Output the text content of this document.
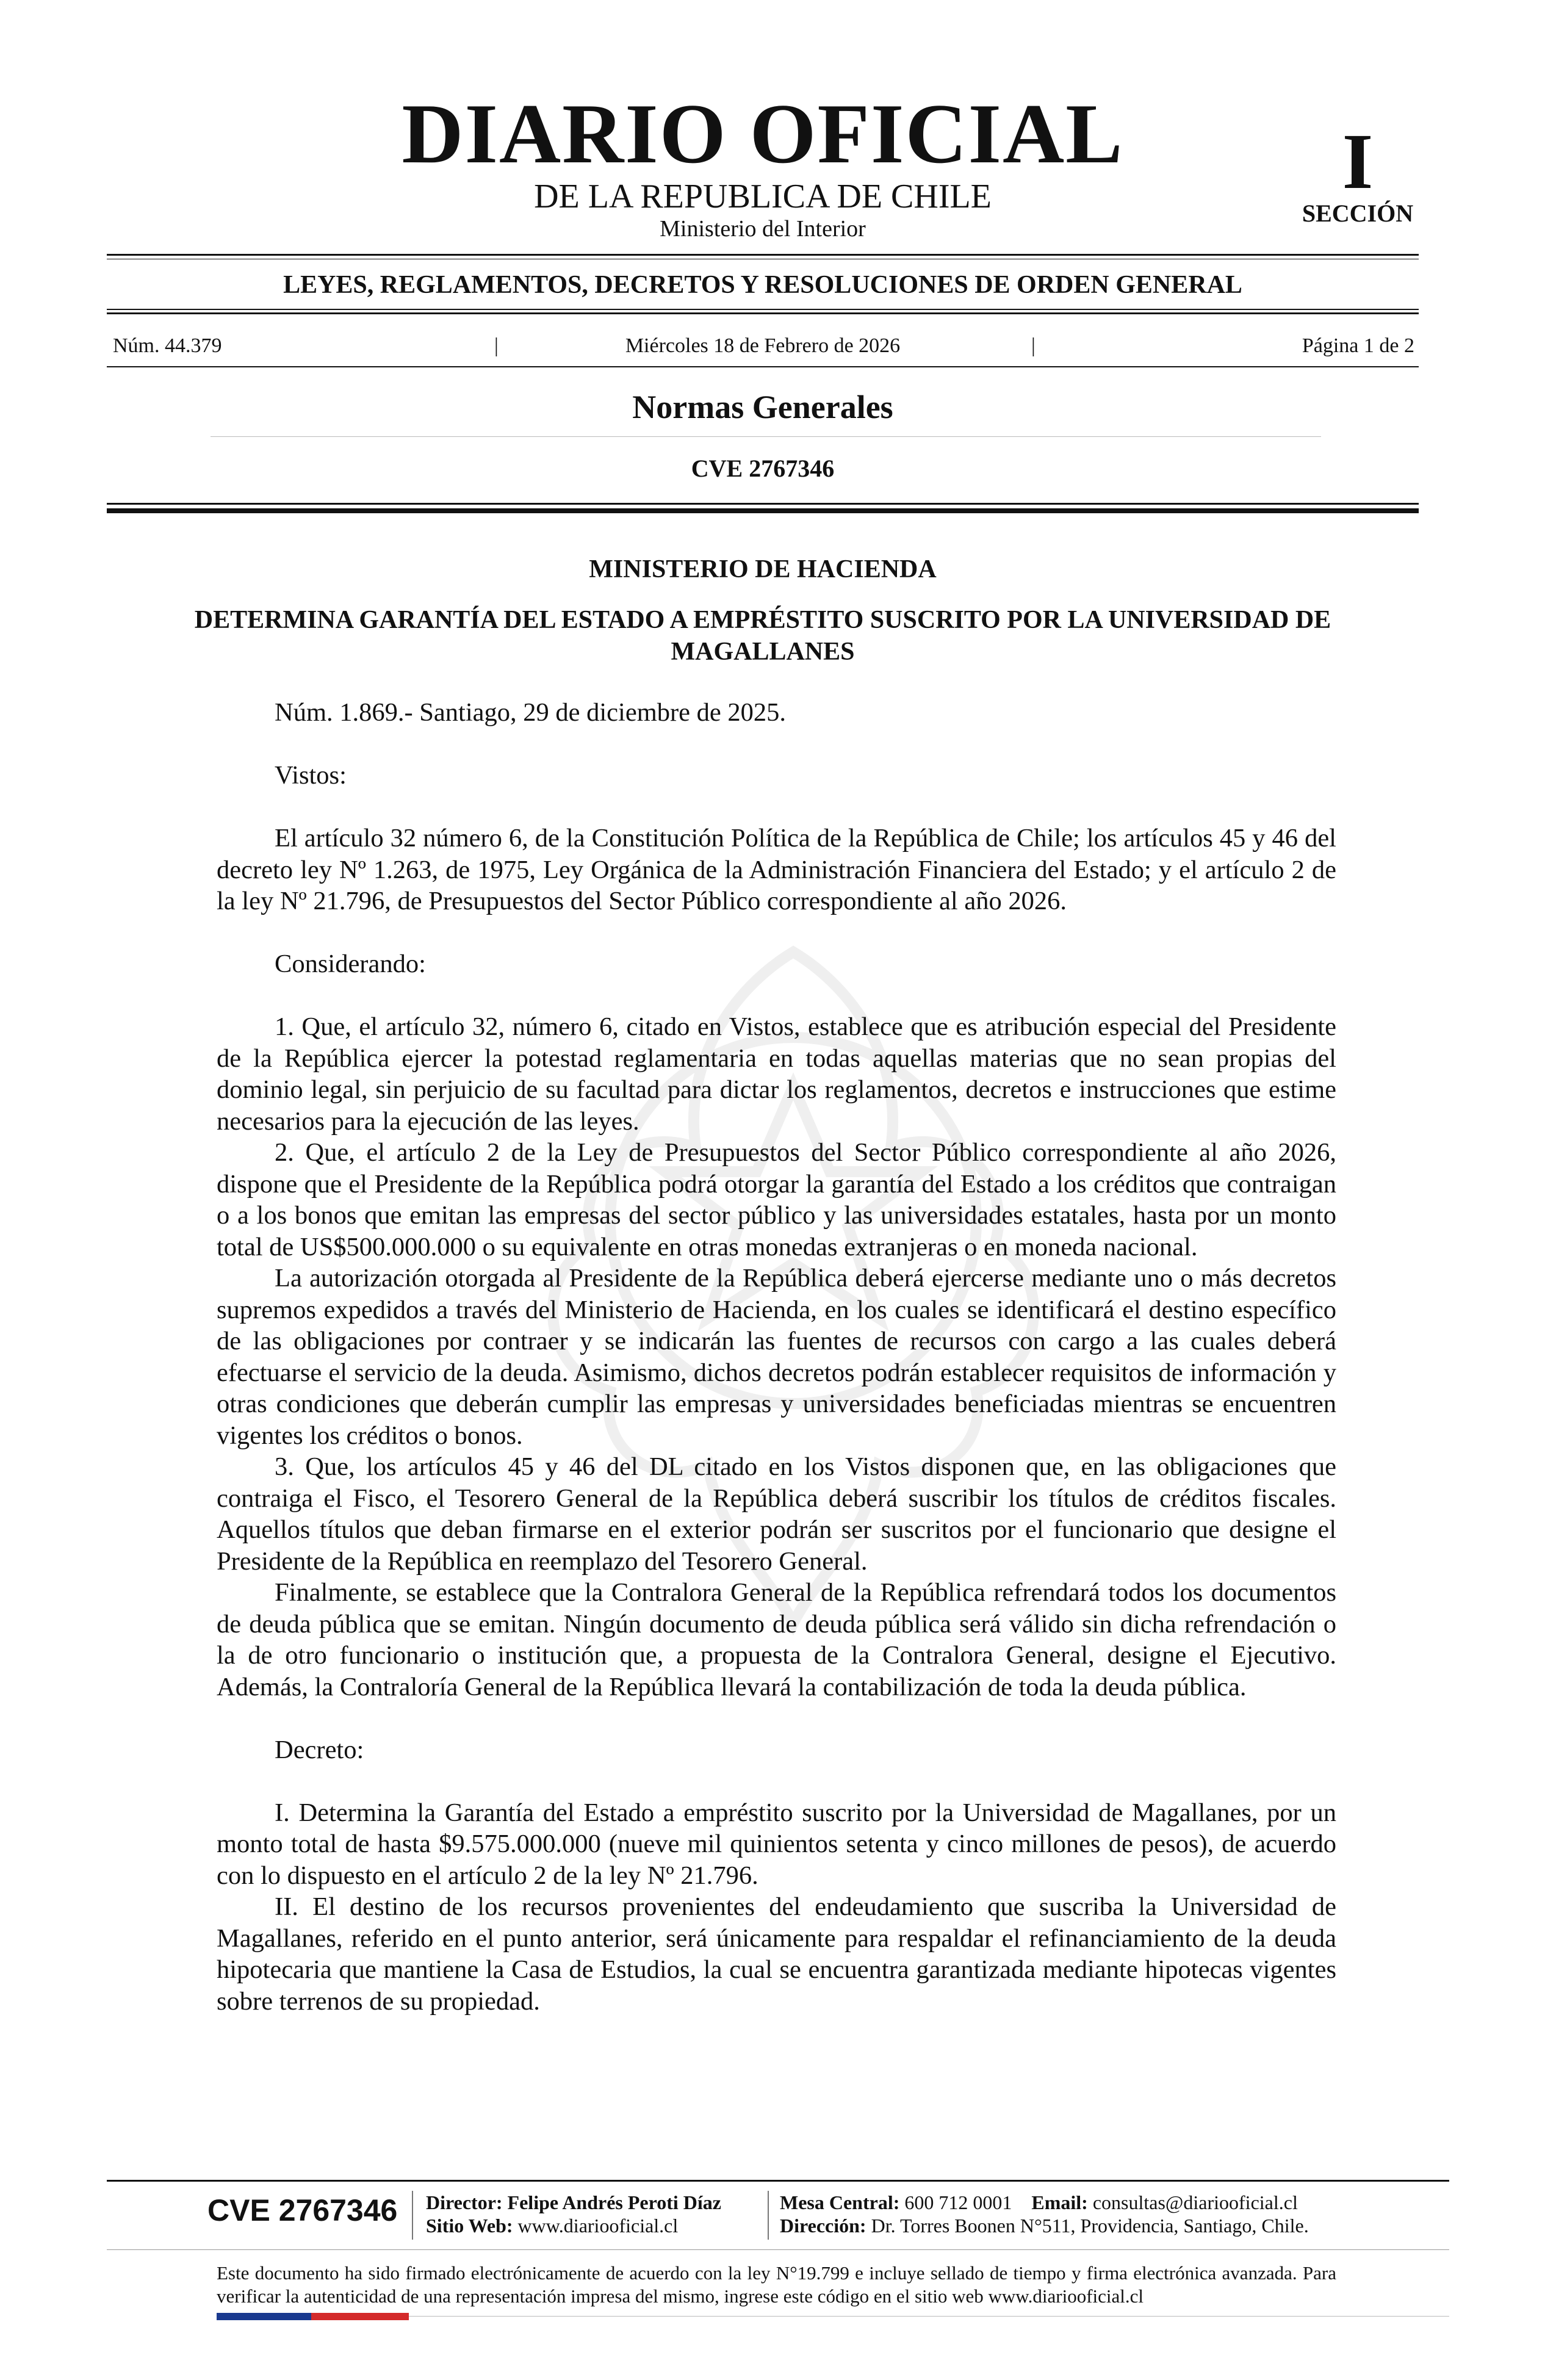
DIARIO OFICIAL
DE LA REPUBLICA DE CHILE
Ministerio del Interior
I
SECCIÓN
LEYES, REGLAMENTOS, DECRETOS Y RESOLUCIONES DE ORDEN GENERAL
Núm. 44.379	|	Miércoles 18 de Febrero de 2026	|	Página 1 de 2
Normas Generales
CVE 2767346
MINISTERIO DE HACIENDA
DETERMINA GARANTÍA DEL ESTADO A EMPRÉSTITO SUSCRITO POR LA UNIVERSIDAD DE MAGALLANES

Núm. 1.869.- Santiago, 29 de diciembre de 2025.

Vistos:

El artículo 32 número 6, de la Constitución Política de la República de Chile; los artículos 45 y 46 del decreto ley Nº 1.263, de 1975, Ley Orgánica de la Administración Financiera del Estado; y el artículo 2 de la ley Nº 21.796, de Presupuestos del Sector Público correspondiente al año 2026.

Considerando:

1. Que, el artículo 32, número 6, citado en Vistos, establece que es atribución especial del Presidente de la República ejercer la potestad reglamentaria en todas aquellas materias que no sean propias del dominio legal, sin perjuicio de su facultad para dictar los reglamentos, decretos e instrucciones que estime necesarios para la ejecución de las leyes.

2. Que, el artículo 2 de la Ley de Presupuestos del Sector Público correspondiente al año 2026, dispone que el Presidente de la República podrá otorgar la garantía del Estado a los créditos que contraigan o a los bonos que emitan las empresas del sector público y las universidades estatales, hasta por un monto total de US$500.000.000 o su equivalente en otras monedas extranjeras o en moneda nacional.

La autorización otorgada al Presidente de la República deberá ejercerse mediante uno o más decretos supremos expedidos a través del Ministerio de Hacienda, en los cuales se identificará el destino específico de las obligaciones por contraer y se indicarán las fuentes de recursos con cargo a las cuales deberá efectuarse el servicio de la deuda. Asimismo, dichos decretos podrán establecer requisitos de información y otras condiciones que deberán cumplir las empresas y universidades beneficiadas mientras se encuentren vigentes los créditos o bonos.

3. Que, los artículos 45 y 46 del DL citado en los Vistos disponen que, en las obligaciones que contraiga el Fisco, el Tesorero General de la República deberá suscribir los títulos de créditos fiscales. Aquellos títulos que deban firmarse en el exterior podrán ser suscritos por el funcionario que designe el Presidente de la República en reemplazo del Tesorero General.

Finalmente, se establece que la Contralora General de la República refrendará todos los documentos de deuda pública que se emitan. Ningún documento de deuda pública será válido sin dicha refrendación o la de otro funcionario o institución que, a propuesta de la Contralora General, designe el Ejecutivo. Además, la Contraloría General de la República llevará la contabilización de toda la deuda pública.

Decreto:

I. Determina la Garantía del Estado a empréstito suscrito por la Universidad de Magallanes, por un monto total de hasta $9.575.000.000 (nueve mil quinientos setenta y cinco millones de pesos), de acuerdo con lo dispuesto en el artículo 2 de la ley Nº 21.796.

II. El destino de los recursos provenientes del endeudamiento que suscriba la Universidad de Magallanes, referido en el punto anterior, será únicamente para respaldar el refinanciamiento de la deuda hipotecaria que mantiene la Casa de Estudios, la cual se encuentra garantizada mediante hipotecas vigentes sobre terrenos de su propiedad.

CVE 2767346 Director: Felipe Andrés Peroti Díaz
Sitio Web: www.diariooficial.cl
Mesa Central: 600 712 0001 Email: consultas@diariooficial.cl
Dirección: Dr. Torres Boonen N°511, Providencia, Santiago, Chile.
Este documento ha sido firmado electrónicamente de acuerdo con la ley N°19.799 e incluye sellado de tiempo y firma electrónica avanzada. Para verificar la autenticidad de una representación impresa del mismo, ingrese este código en el sitio web www.diariooficial.cl
